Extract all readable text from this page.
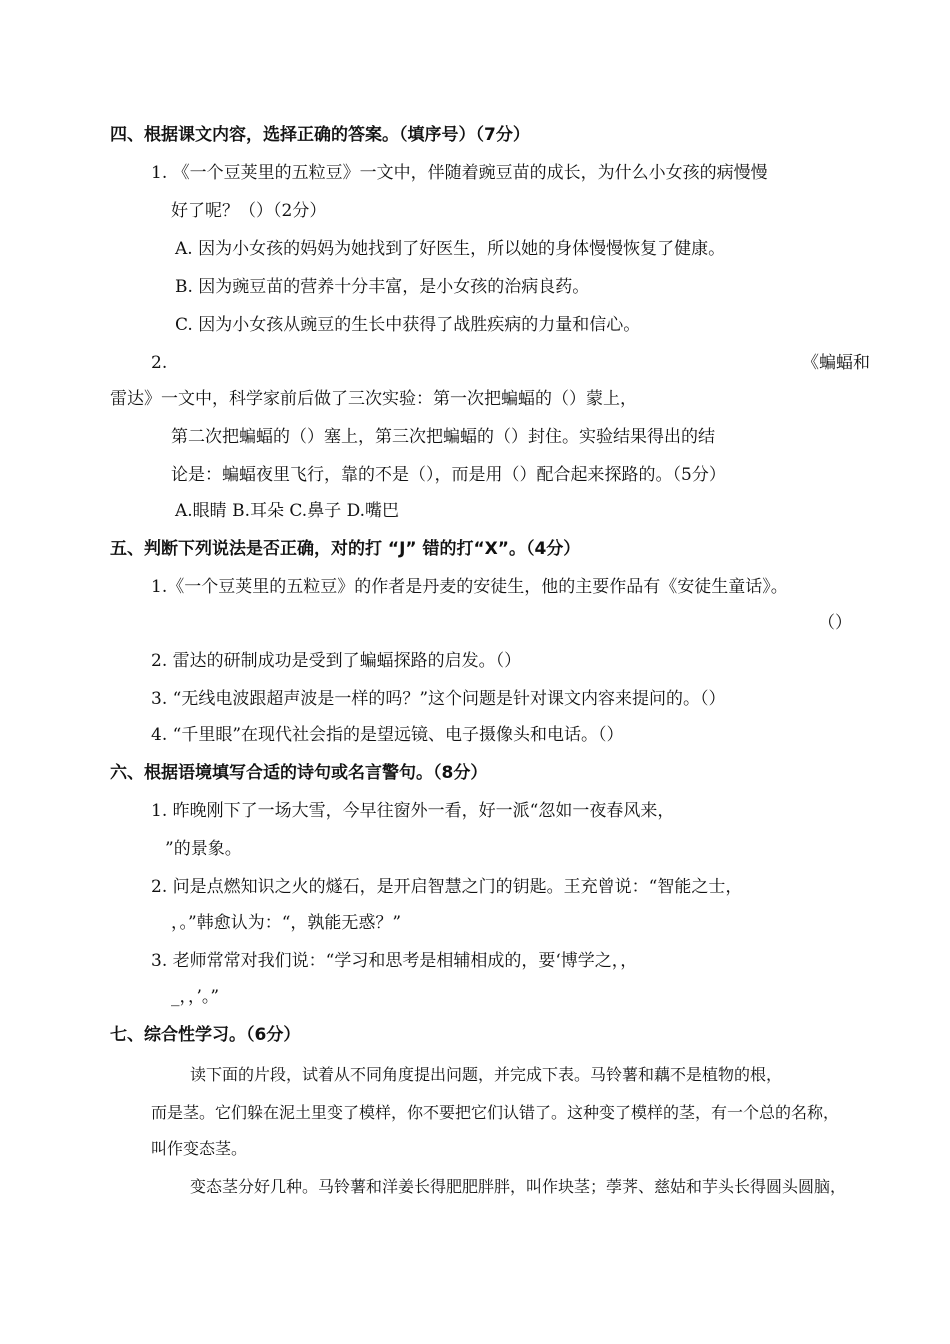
四、根据课文内容，选择正确的答案。（填序号）（7分）
1. 《一个豆荚里的五粒豆》一文中，伴随着豌豆苗的成长，为什么小女孩的病慢慢
好了呢？（）（2分）
A. 因为小女孩的妈妈为她找到了好医生，所以她的身体慢慢恢复了健康。
B. 因为豌豆苗的营养十分丰富，是小女孩的治病良药。
C. 因为小女孩从豌豆的生长中获得了战胜疾病的力量和信心。
2.	《蝙蝠和
雷达》一文中，科学家前后做了三次实验：第一次把蝙蝠的（）蒙上，
第二次把蝙蝠的（）塞上，第三次把蝙蝠的（）封住。实验结果得出的结
论是：蝙蝠夜里飞行，靠的不是（），而是用（）配合起来探路的。（5分）
A.眼睛 B.耳朵 C.鼻子 D.嘴巴
五、判断下列说法是否正确，对的打 “J” 错的打“X”。（4分）
1.《一个豆荚里的五粒豆》的作者是丹麦的安徒生，他的主要作品有《安徒生童话》。
（）
2. 雷达的研制成功是受到了蝙蝠探路的启发。（）
3. “无线电波跟超声波是一样的吗？”这个问题是针对课文内容来提问的。（）
4. “千里眼”在现代社会指的是望远镜、电子摄像头和电话。（）
六、根据语境填写合适的诗句或名言警句。（8分）
1. 昨晚刚下了一场大雪，今早往窗外一看，好一派“忽如一夜春风来，
”的景象。
2. 问是点燃知识之火的燧石，是开启智慧之门的钥匙。王充曾说：“智能之士，
，。”韩愈认为：“，孰能无惑？”
3. 老师常常对我们说：“学习和思考是相辅相成的，要‘博学之，，
_，，’。”
七、综合性学习。（6分）
读下面的片段，试着从不同角度提出问题，并完成下表。马铃薯和藕不是植物的根，
而是茎。它们躲在泥土里变了模样，你不要把它们认错了。这种变了模样的茎，有一个总的名称，
叫作变态茎。
变态茎分好几种。马铃薯和洋姜长得肥肥胖胖，叫作块茎；荸荠、慈姑和芋头长得圆头圆脑，
